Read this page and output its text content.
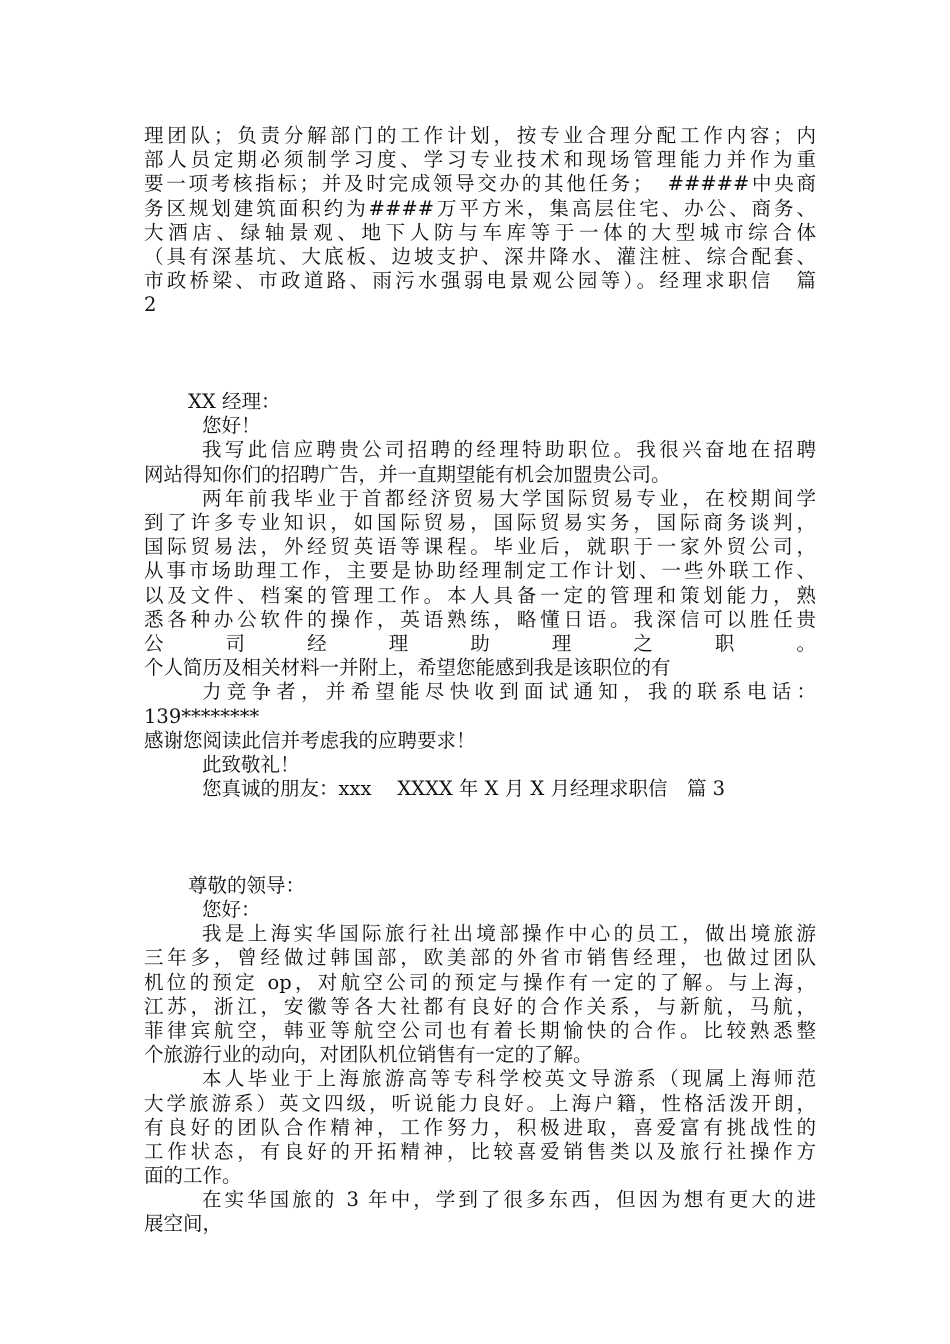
理团队；负责分解部门的工作计划，按专业合理分配工作内容；内
部人员定期必须制学习度、学习专业技术和现场管理能力并作为重
要一项考核指标；并及时完成领导交办的其他任务；　#####中央商
务区规划建筑面积约为####万平方米，集高层住宅、办公、商务、
大酒店、绿轴景观、地下人防与车库等于一体的大型城市综合体
（具有深基坑、大底板、边坡支护、深井降水、灌注桩、综合配套、
市政桥梁、市政道路、雨污水强弱电景观公园等）。经理求职信　篇
2
XX 经理：
您好！
我写此信应聘贵公司招聘的经理特助职位。我很兴奋地在招聘
网站得知你们的招聘广告，并一直期望能有机会加盟贵公司。
两年前我毕业于首都经济贸易大学国际贸易专业，在校期间学
到了许多专业知识，如国际贸易，国际贸易实务，国际商务谈判，
国际贸易法，外经贸英语等课程。毕业后，就职于一家外贸公司，
从事市场助理工作，主要是协助经理制定工作计划、一些外联工作、
以及文件、档案的管理工作。本人具备一定的管理和策划能力，熟
悉各种办公软件的操作，英语熟练，略懂日语。我深信可以胜任贵
公司经理助理之职。
个人简历及相关材料一并附上，希望您能感到我是该职位的有
力竞争者，并希望能尽快收到面试通知，我的联系电话：
139********
感谢您阅读此信并考虑我的应聘要求！
此致敬礼！
您真诚的朋友：xxx　 XXXX 年 X 月 X 月经理求职信　篇 3
尊敬的领导：
您好：
我是上海实华国际旅行社出境部操作中心的员工，做出境旅游
三年多，曾经做过韩国部，欧美部的外省市销售经理，也做过团队
机位的预定 op，对航空公司的预定与操作有一定的了解。与上海，
江苏，浙江，安徽等各大社都有良好的合作关系，与新航，马航，
菲律宾航空，韩亚等航空公司也有着长期愉快的合作。比较熟悉整
个旅游行业的动向，对团队机位销售有一定的了解。
本人毕业于上海旅游高等专科学校英文导游系（现属上海师范
大学旅游系）英文四级，听说能力良好。上海户籍，性格活泼开朗，
有良好的团队合作精神，工作努力，积极进取，喜爱富有挑战性的
工作状态，有良好的开拓精神，比较喜爱销售类以及旅行社操作方
面的工作。
在实华国旅的 3 年中，学到了很多东西，但因为想有更大的进
展空间，
